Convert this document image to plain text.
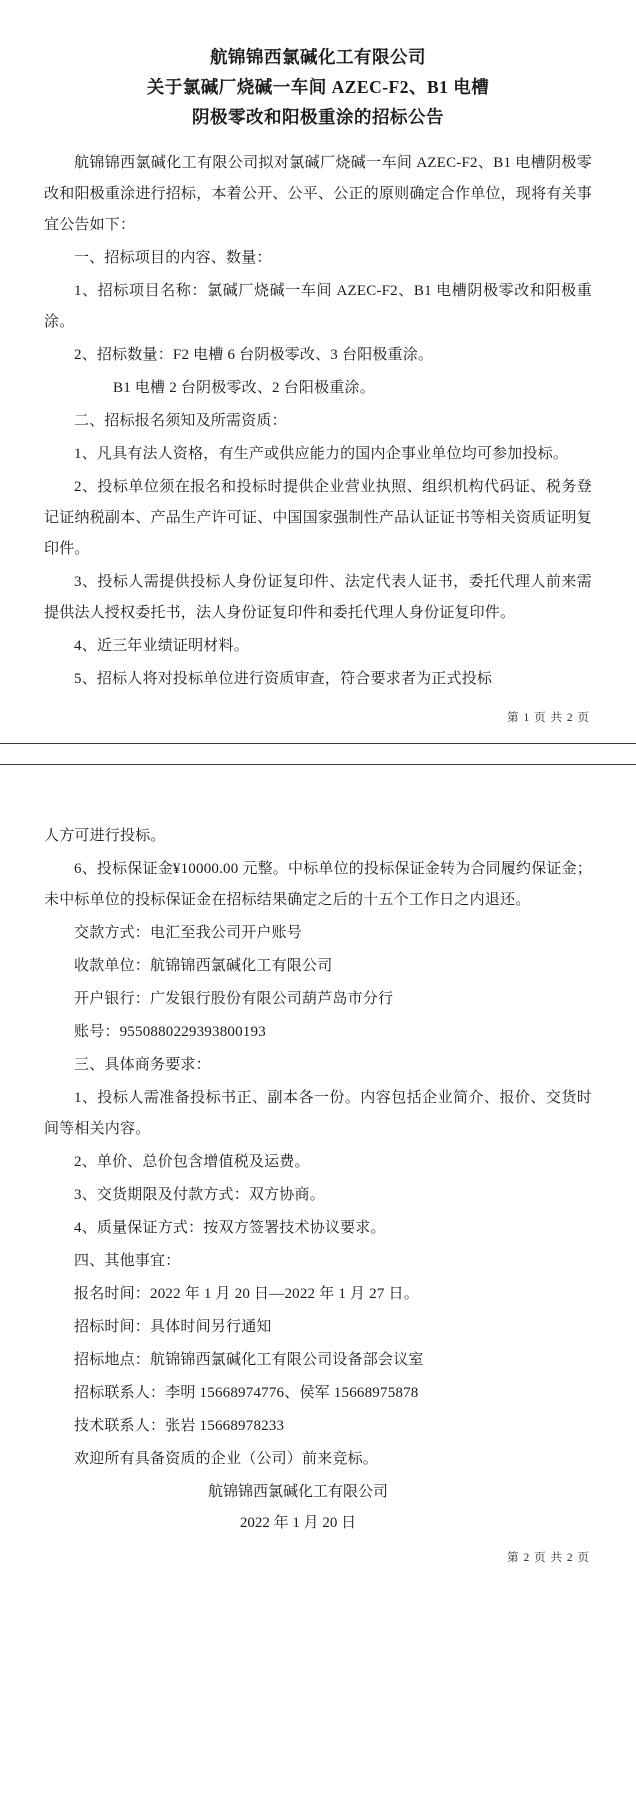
航锦锦西氯碱化工有限公司
关于氯碱厂烧碱一车间 AZEC-F2、B1 电槽
阴极零改和阳极重涂的招标公告

航锦锦西氯碱化工有限公司拟对氯碱厂烧碱一车间 AZEC-F2、B1 电槽阴极零改和阳极重涂进行招标，本着公开、公平、公正的原则确定合作单位，现将有关事宜公告如下：

一、招标项目的内容、数量：

1、招标项目名称：氯碱厂烧碱一车间 AZEC-F2、B1 电槽阴极零改和阳极重涂。

2、招标数量：F2 电槽 6 台阴极零改、3 台阳极重涂。

B1 电槽 2 台阴极零改、2 台阳极重涂。

二、招标报名须知及所需资质：

1、凡具有法人资格，有生产或供应能力的国内企事业单位均可参加投标。

2、投标单位须在报名和投标时提供企业营业执照、组织机构代码证、税务登记证纳税副本、产品生产许可证、中国国家强制性产品认证证书等相关资质证明复印件。

3、投标人需提供投标人身份证复印件、法定代表人证书，委托代理人前来需提供法人授权委托书，法人身份证复印件和委托代理人身份证复印件。

4、近三年业绩证明材料。

5、招标人将对投标单位进行资质审查，符合要求者为正式投标

第 1 页 共 2 页

人方可进行投标。

6、投标保证金¥10000.00 元整。中标单位的投标保证金转为合同履约保证金；未中标单位的投标保证金在招标结果确定之后的十五个工作日之内退还。

交款方式：电汇至我公司开户账号

收款单位：航锦锦西氯碱化工有限公司

开户银行：广发银行股份有限公司葫芦岛市分行

账号：9550880229393800193

三、具体商务要求：

1、投标人需准备投标书正、副本各一份。内容包括企业简介、报价、交货时间等相关内容。

2、单价、总价包含增值税及运费。

3、交货期限及付款方式：双方协商。

4、质量保证方式：按双方签署技术协议要求。

四、其他事宜：

报名时间：2022 年 1 月 20 日—2022 年 1 月 27 日。

招标时间：具体时间另行通知

招标地点：航锦锦西氯碱化工有限公司设备部会议室

招标联系人：李明 15668974776、侯军 15668975878

技术联系人：张岩 15668978233

欢迎所有具备资质的企业（公司）前来竞标。

航锦锦西氯碱化工有限公司

2022 年 1 月 20 日

第 2 页 共 2 页
